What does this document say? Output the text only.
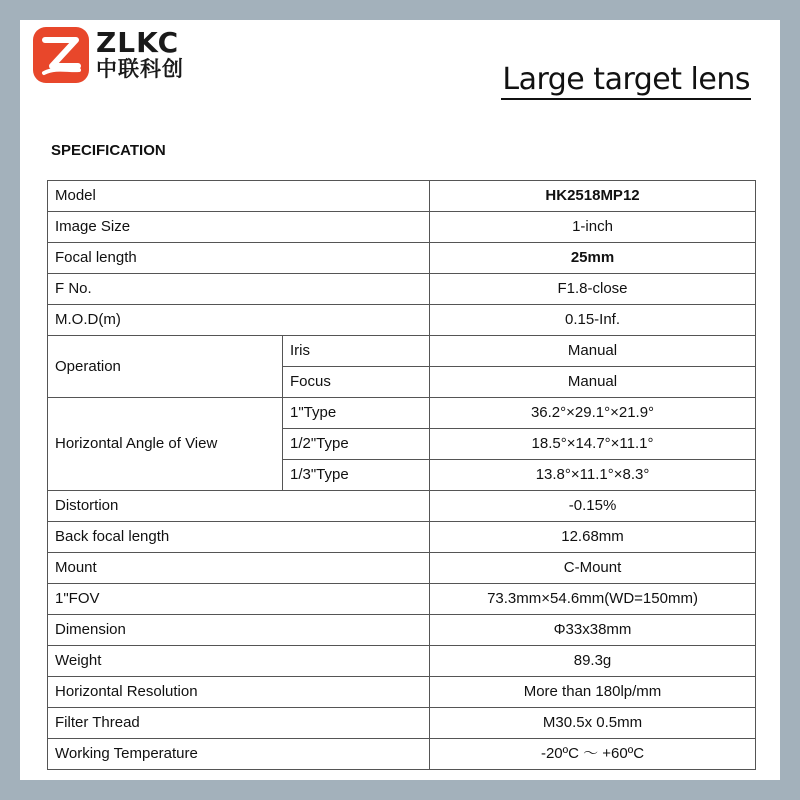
ZLKC
中联科创	Large target lens
SPECIFICATION
Model		HK2518MP12
Image Size		1-inch
Focal length		25mm
F No.		F1.8-close
M.O.D(m)		0.15-Inf.
Operation	Iris	Manual
	Focus	Manual
Horizontal Angle of View	1"Type	36.2°×29.1°×21.9°
	1/2"Type	18.5°×14.7°×11.1°
	1/3"Type	13.8°×11.1°×8.3°
Distortion		-0.15%
Back focal length		12.68mm
Mount		C-Mount
1"FOV		73.3mm×54.6mm(WD=150mm)
Dimension		Φ33x38mm
Weight		89.3g
Horizontal Resolution		More than 180lp/mm
Filter Thread		M30.5x 0.5mm
Working Temperature		-20ºC ～ +60ºC
